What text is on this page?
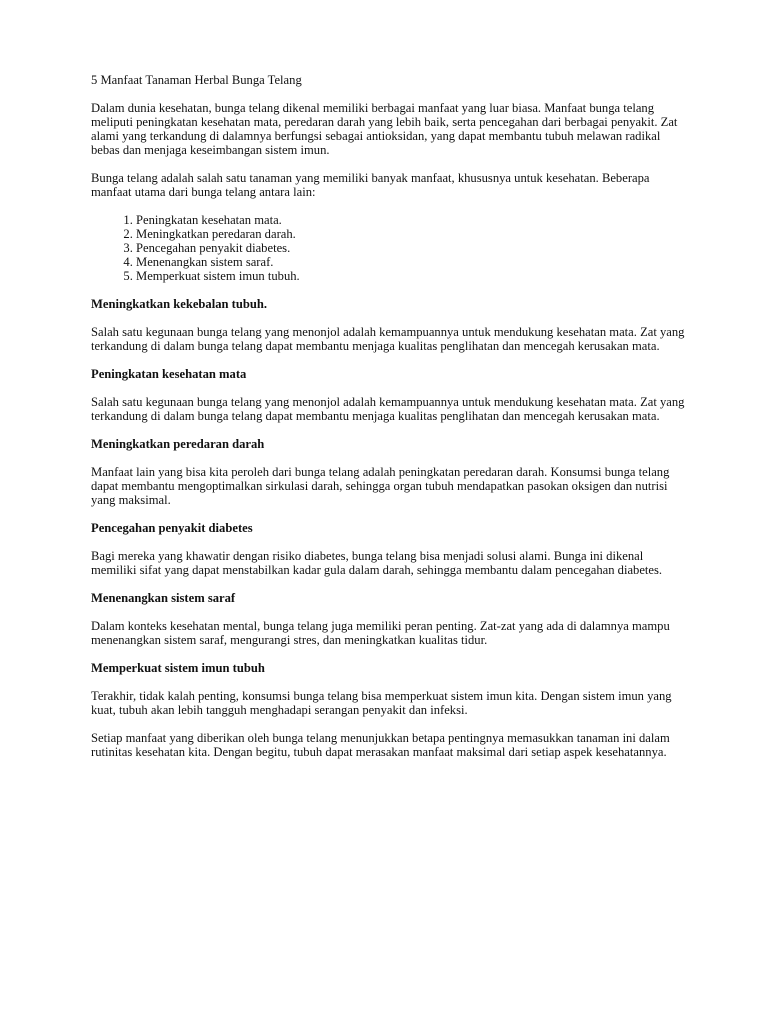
5 Manfaat Tanaman Herbal Bunga Telang

Dalam dunia kesehatan, bunga telang dikenal memiliki berbagai manfaat yang luar biasa. Manfaat bunga telang meliputi peningkatan kesehatan mata, peredaran darah yang lebih baik, serta pencegahan dari berbagai penyakit. Zat alami yang terkandung di dalamnya berfungsi sebagai antioksidan, yang dapat membantu tubuh melawan radikal bebas dan menjaga keseimbangan sistem imun.

Bunga telang adalah salah satu tanaman yang memiliki banyak manfaat, khususnya untuk kesehatan. Beberapa manfaat utama dari bunga telang antara lain:

1. Peningkatan kesehatan mata.
2. Meningkatkan peredaran darah.
3. Pencegahan penyakit diabetes.
4. Menenangkan sistem saraf.
5. Memperkuat sistem imun tubuh.
Meningkatkan kekebalan tubuh.

Salah satu kegunaan bunga telang yang menonjol adalah kemampuannya untuk mendukung kesehatan mata. Zat yang terkandung di dalam bunga telang dapat membantu menjaga kualitas penglihatan dan mencegah kerusakan mata.

Peningkatan kesehatan mata

Salah satu kegunaan bunga telang yang menonjol adalah kemampuannya untuk mendukung kesehatan mata. Zat yang terkandung di dalam bunga telang dapat membantu menjaga kualitas penglihatan dan mencegah kerusakan mata.

Meningkatkan peredaran darah

Manfaat lain yang bisa kita peroleh dari bunga telang adalah peningkatan peredaran darah. Konsumsi bunga telang dapat membantu mengoptimalkan sirkulasi darah, sehingga organ tubuh mendapatkan pasokan oksigen dan nutrisi yang maksimal.

Pencegahan penyakit diabetes

Bagi mereka yang khawatir dengan risiko diabetes, bunga telang bisa menjadi solusi alami. Bunga ini dikenal memiliki sifat yang dapat menstabilkan kadar gula dalam darah, sehingga membantu dalam pencegahan diabetes.

Menenangkan sistem saraf

Dalam konteks kesehatan mental, bunga telang juga memiliki peran penting. Zat-zat yang ada di dalamnya mampu menenangkan sistem saraf, mengurangi stres, dan meningkatkan kualitas tidur.

Memperkuat sistem imun tubuh

Terakhir, tidak kalah penting, konsumsi bunga telang bisa memperkuat sistem imun kita. Dengan sistem imun yang kuat, tubuh akan lebih tangguh menghadapi serangan penyakit dan infeksi.

Setiap manfaat yang diberikan oleh bunga telang menunjukkan betapa pentingnya memasukkan tanaman ini dalam rutinitas kesehatan kita. Dengan begitu, tubuh dapat merasakan manfaat maksimal dari setiap aspek kesehatannya.
